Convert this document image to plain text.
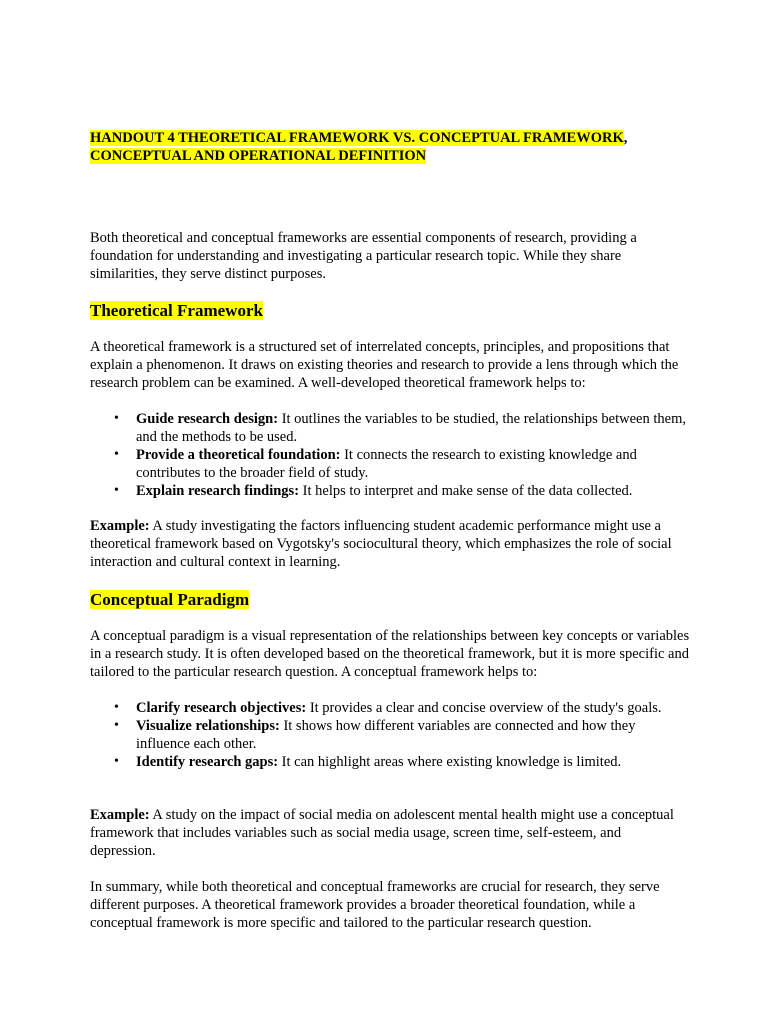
HANDOUT 4 THEORETICAL FRAMEWORK VS. CONCEPTUAL FRAMEWORK,
CONCEPTUAL AND OPERATIONAL DEFINITION

Both theoretical and conceptual frameworks are essential components of research, providing a foundation for understanding and investigating a particular research topic. While they share similarities, they serve distinct purposes.

Theoretical Framework

A theoretical framework is a structured set of interrelated concepts, principles, and propositions that explain a phenomenon. It draws on existing theories and research to provide a lens through which the research problem can be examined. A well-developed theoretical framework helps to:

• Guide research design: It outlines the variables to be studied, the relationships between them, and the methods to be used.
• Provide a theoretical foundation: It connects the research to existing knowledge and contributes to the broader field of study.
• Explain research findings: It helps to interpret and make sense of the data collected.

Example: A study investigating the factors influencing student academic performance might use a theoretical framework based on Vygotsky's sociocultural theory, which emphasizes the role of social interaction and cultural context in learning.

Conceptual Paradigm

A conceptual paradigm is a visual representation of the relationships between key concepts or variables in a research study. It is often developed based on the theoretical framework, but it is more specific and tailored to the particular research question. A conceptual framework helps to:

• Clarify research objectives: It provides a clear and concise overview of the study's goals.
• Visualize relationships: It shows how different variables are connected and how they influence each other.
• Identify research gaps: It can highlight areas where existing knowledge is limited.

Example: A study on the impact of social media on adolescent mental health might use a conceptual framework that includes variables such as social media usage, screen time, self-esteem, and depression.

In summary, while both theoretical and conceptual frameworks are crucial for research, they serve different purposes. A theoretical framework provides a broader theoretical foundation, while a conceptual framework is more specific and tailored to the particular research question.
